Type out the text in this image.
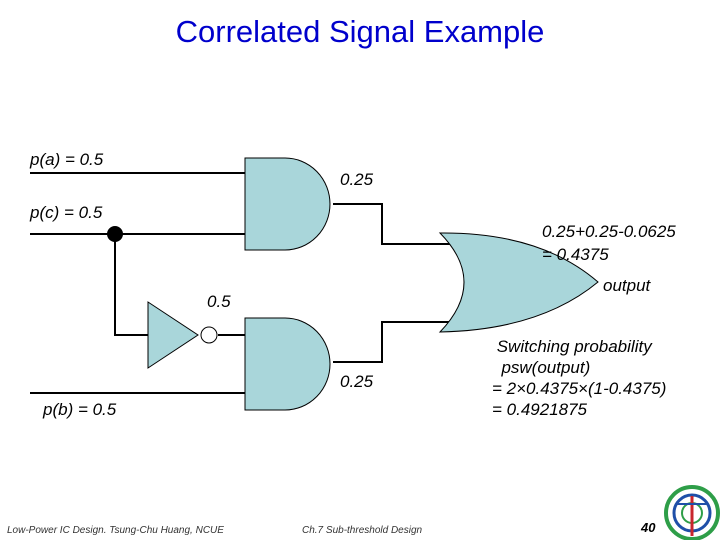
Correlated Signal Example
p(a) = 0.5
p(c) = 0.5
p(b) = 0.5
0.25
0.25
0.5
0.25+0.25-0.0625
= 0.4375
output
Switching probability
psw(output)
= 2×0.4375×(1-0.4375)
= 0.4921875
Low-Power IC Design. Tsung-Chu Huang, NCUE	Ch.7 Sub-threshold Design	40
